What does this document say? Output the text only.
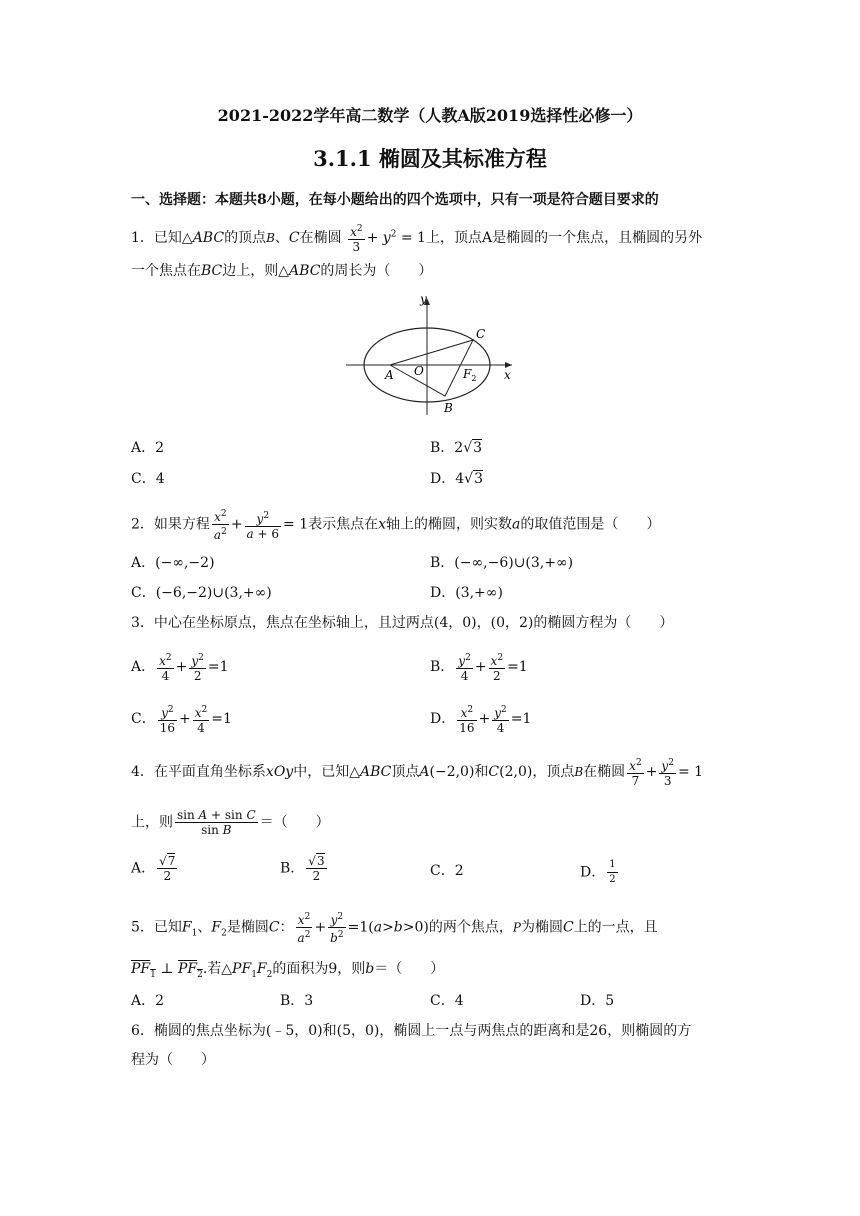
2021-2022学年高二数学（人教A版2019选择性必修一）
3.1.1 椭圆及其标准方程
一、选择题：本题共8小题，在每小题给出的四个选项中，只有一项是符合题目要求的
1．已知△ABC的顶点B、C在椭圆 $\frac{x^2}{3} + y^2 = 1$上，顶点A是椭圆的一个焦点，且椭圆的另外
一个焦点在BC边上，则△ABC的周长为（　　）
y
x
A O	$F_2$
B
C
A．2	B．2√3
C．4	D．4√3
2．如果方程 $\frac{x^2}{a^2} + \frac{y^2}{a + 6} = 1$表示焦点在x轴上的椭圆，则实数a的取值范围是（　　）
A．(−∞,−2)	B．(−∞,−6)∪(3,+∞)
C．(−6,−2)∪(3,+∞)	D．(3,+∞)
3．中心在坐标原点，焦点在坐标轴上，且过两点(4，0)，(0，2)的椭圆方程为（　　）
A． $\frac{x^2}{4} + \frac{y^2}{2} =1$	B． $\frac{y^2}{4} + \frac{x^2}{2} =1$
C． $\frac{y^2}{16} + \frac{x^2}{4} =1$	D． $\frac{x^2}{16} + \frac{y^2}{4} =1$
4．在平面直角坐标系xOy中，已知△ABC顶点A(−2,0)和C(2,0)，顶点B在椭圆 $\frac{x^2}{7} + \frac{y^2}{3} = 1$
上，则 $\frac{\text{sin A + sin C}}{\text{sin B}}$ ＝（　　）
A． $\frac{√7}{2}$	B． $\frac{√3}{2}$	C．2	D． $\frac{1}{2}$
5．已知$F_1$、$F_2$是椭圆C： $\frac{x^2}{a^2} + \frac{y^2}{b^2} =1(a>b>0)$的两个焦点，P为椭圆C上的一点，且
$PF_1$ ⊥ $PF_2$.若$\triangle PF_1F_2$的面积为9，则b＝（　　）
A．2	B．3	C．4	D．5
6．椭圆的焦点坐标为(﹣5，0)和(5，0)，椭圆上一点与两焦点的距离和是26，则椭圆的方
程为（　　）
